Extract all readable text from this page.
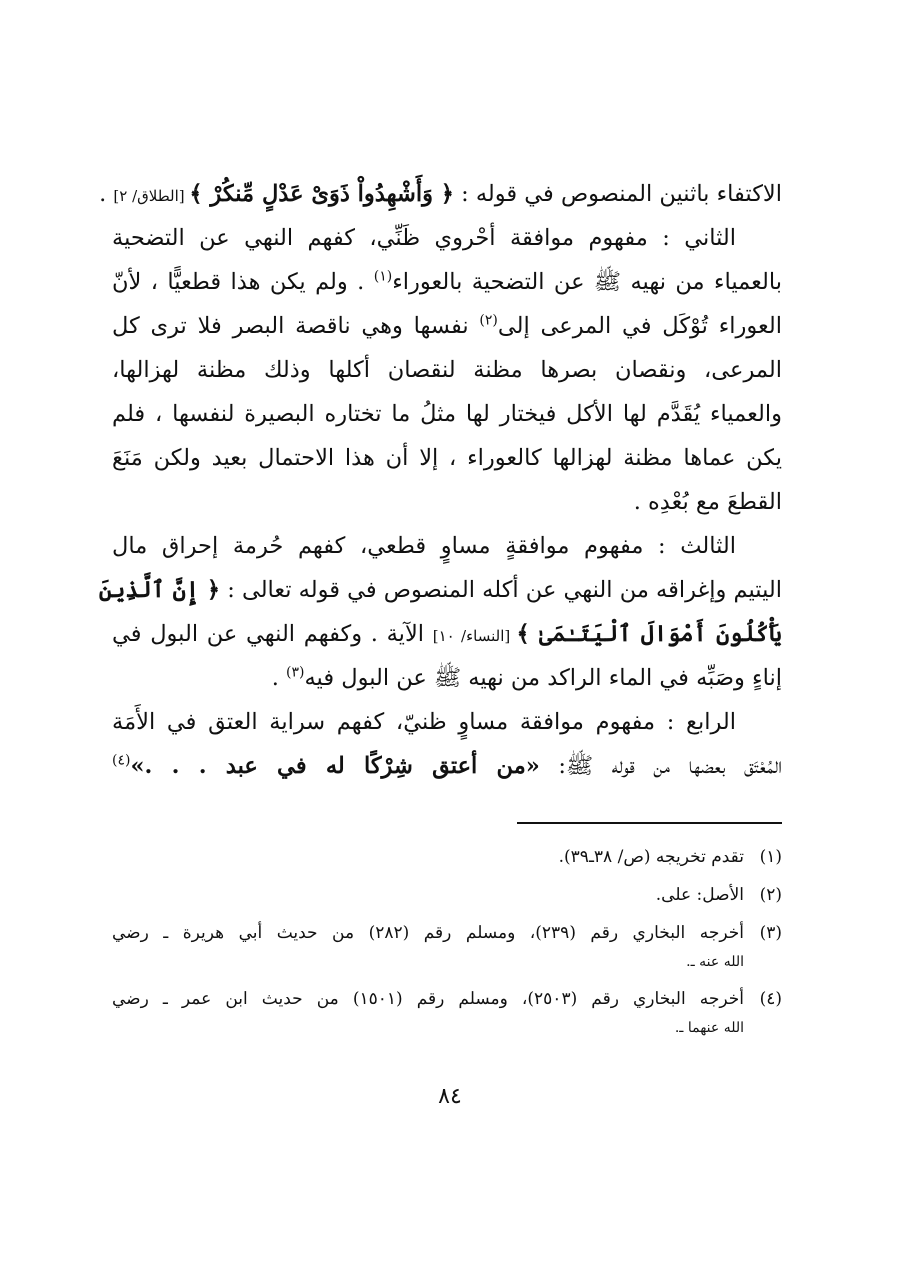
الاكتفاء باثنين المنصوص في قوله : ﴿ وَأَشْهِدُواْ ذَوَىْ عَدْلٍ مِّنكُرْ ﴾ [الطلاق/ ٢] .
الثاني : مفهوم موافقة أحْروي ظَنِّي، كفهم النهي عن التضحية
بالعمياء من نهيه ﷺ عن التضحية بالعوراء$^{(١)}$ . ولم يكن هذا قطعيًّا ، لأنّ
العوراء تُوْكَل في المرعى إلى$^{(٢)}$ نفسها وهي ناقصة البصر فلا ترى كل
المرعى، ونقصان بصرها مظنة لنقصان أكلها وذلك مظنة لهزالها،
والعمياء يُقَدَّم لها الأكل فيختار لها مثلُ ما تختاره البصيرة لنفسها ، فلم
يكن عماها مظنة لهزالها كالعوراء ، إلا أن هذا الاحتمال بعيد ولكن مَنَعَ
القطعَ مع بُعْدِه .
الثالث : مفهوم موافقةٍ مساوٍ قطعي، كفهم حُرمة إحراق مال
اليتيم وإغراقه من النهي عن أكله المنصوص في قوله تعالى : ﴿ إِنَّ ٱلَّذِينَ
يَأْكُلُونَ أَمْوَالَ ٱلْيَتَـٰمَىٰ ﴾ [النساء/ ١٠] الآية . وكفهم النهي عن البول في
إناءٍ وصَبِّه في الماء الراكد من نهيه ﷺ عن البول فيه$^{(٣)}$ .
الرابع : مفهوم موافقة مساوٍ ظنيّ، كفهم سراية العتق في الأَمَة
المُعْتَق بعضها من قوله ﷺ: «من أعتق شِرْكًا له في عبد . . .»$^{(٤)}$
(١)
تقدم تخريجه (ص/ ٣٨ـ٣٩).
(٢)
الأصل: على.
(٣)
أخرجه البخاري رقم (٢٣٩)، ومسلم رقم (٢٨٢) من حديث أبي هريرة ـ رضي
الله عنه ـ.
(٤)
أخرجه البخاري رقم (٢٥٠٣)، ومسلم رقم (١٥٠١) من حديث ابن عمر ـ رضي
الله عنهما ـ.
٨٤
